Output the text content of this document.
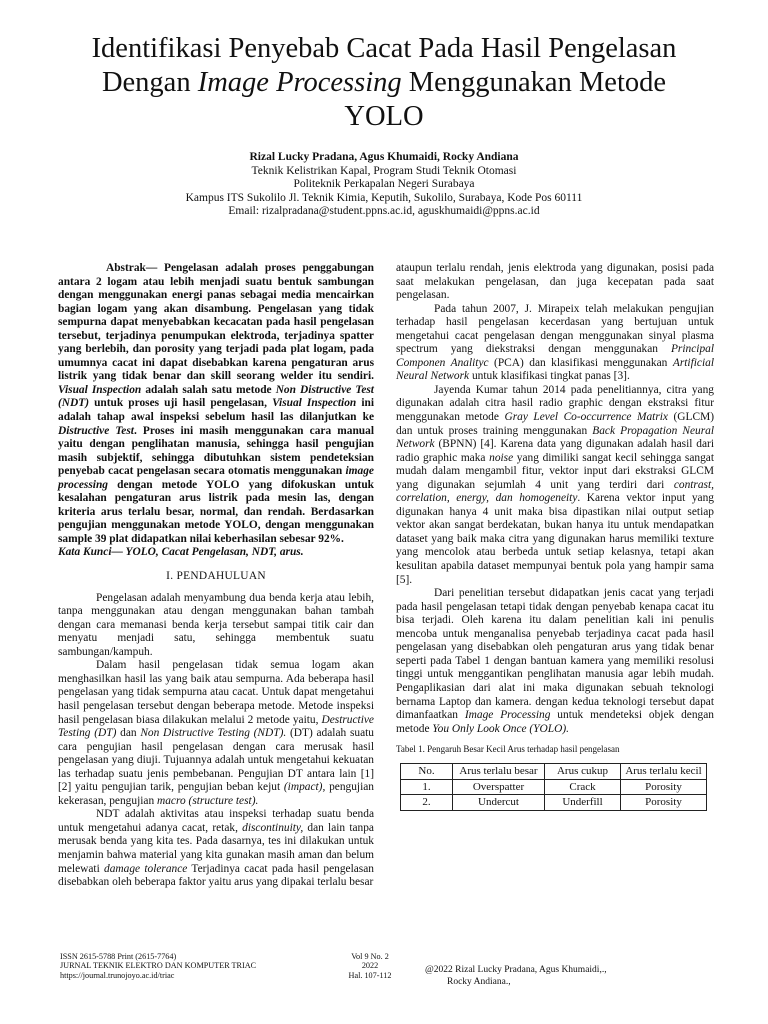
Identifikasi Penyebab Cacat Pada Hasil Pengelasan
Dengan Image Processing Menggunakan Metode
YOLO
Rizal Lucky Pradana, Agus Khumaidi, Rocky Andiana
Teknik Kelistrikan Kapal, Program Studi Teknik Otomasi
Politeknik Perkapalan Negeri Surabaya
Kampus ITS Sukolilo Jl. Teknik Kimia, Keputih, Sukolilo, Surabaya, Kode Pos 60111
Email: rizalpradana@student.ppns.ac.id, aguskhumaidi@ppns.ac.id

Abstrak— Pengelasan adalah proses penggabungan antara 2 logam atau lebih menjadi suatu bentuk sambungan dengan menggunakan energi panas sebagai media mencairkan bagian logam yang akan disambung. Pengelasan yang tidak sempurna dapat menyebabkan kecacatan pada hasil pengelasan tersebut, terjadinya penumpukan elektroda, terjadinya spatter yang berlebih, dan porosity yang terjadi pada plat logam, pada umumnya cacat ini dapat disebabkan karena pengaturan arus listrik yang tidak benar dan skill seorang welder itu sendiri. Visual Inspection adalah salah satu metode Non Distructive Test (NDT) untuk proses uji hasil pengelasan, Visual Inspection ini adalah tahap awal inspeksi sebelum hasil las dilanjutkan ke Distructive Test. Proses ini masih menggunakan cara manual yaitu dengan penglihatan manusia, sehingga hasil pengujian masih subjektif, sehingga dibutuhkan sistem pendeteksian penyebab cacat pengelasan secara otomatis menggunakan image processing dengan metode YOLO yang difokuskan untuk kesalahan pengaturan arus listrik pada mesin las, dengan kriteria arus terlalu besar, normal, dan rendah. Berdasarkan pengujian menggunakan metode YOLO, dengan menggunakan sample 39 plat didapatkan nilai keberhasilan sebesar 92%.

Kata Kunci— YOLO, Cacat Pengelasan, NDT, arus.

I. PENDAHULUAN

Pengelasan adalah menyambung dua benda kerja atau lebih, tanpa menggunakan atau dengan menggunakan bahan tambah dengan cara memanasi benda kerja tersebut sampai titik cair dan menyatu menjadi satu, sehingga membentuk suatu sambungan/kampuh.

Dalam hasil pengelasan tidak semua logam akan menghasilkan hasil las yang baik atau sempurna. Ada beberapa hasil pengelasan yang tidak sempurna atau cacat. Untuk dapat mengetahui hasil pengelasan tersebut dengan beberapa metode. Metode inspeksi hasil pengelasan biasa dilakukan melalui 2 metode yaitu, Destructive Testing (DT) dan Non Distructive Testing (NDT). (DT) adalah suatu cara pengujian hasil pengelasan dengan cara merusak hasil pengelasan yang diuji. Tujuannya adalah untuk mengetahui kekuatan las terhadap suatu jenis pembebanan. Pengujian DT antara lain [1] [2] yaitu pengujian tarik, pengujian beban kejut (impact), pengujian kekerasan, pengujian macro (structure test).

NDT adalah aktivitas atau inspeksi terhadap suatu benda untuk mengetahui adanya cacat, retak, discontinuity, dan lain tanpa merusak benda yang kita tes. Pada dasarnya, tes ini dilakukan untuk menjamin bahwa material yang kita gunakan masih aman dan belum melewati damage tolerance Terjadinya cacat pada hasil pengelasan disebabkan oleh beberapa faktor yaitu arus yang dipakai terlalu besar

ataupun terlalu rendah, jenis elektroda yang digunakan, posisi pada saat melakukan pengelasan, dan juga kecepatan pada saat pengelasan.

Pada tahun 2007, J. Mirapeix telah melakukan pengujian terhadap hasil pengelasan kecerdasan yang bertujuan untuk mengetahui cacat pengelasan dengan menggunakan sinyal plasma spectrum yang diekstraksi dengan menggunakan Principal Componen Analityc (PCA) dan klasifikasi menggunakan Artificial Neural Network untuk klasifikasi tingkat panas [3].

Jayenda Kumar tahun 2014 pada penelitiannya, citra yang digunakan adalah citra hasil radio graphic dengan ekstraksi fitur menggunakan metode Gray Level Co-occurrence Matrix (GLCM) dan untuk proses training menggunakan Back Propagation Neural Network (BPNN) [4]. Karena data yang digunakan adalah hasil dari radio graphic maka noise yang dimiliki sangat kecil sehingga sangat mudah dalam mengambil fitur, vektor input dari ekstraksi GLCM yang digunakan sejumlah 4 unit yang terdiri dari contrast, correlation, energy, dan homogeneity. Karena vektor input yang digunakan hanya 4 unit maka bisa dipastikan nilai output setiap vektor akan sangat berdekatan, bukan hanya itu untuk mendapatkan dataset yang baik maka citra yang digunakan harus memiliki texture yang mencolok atau berbeda untuk setiap kelasnya, tetapi akan kesulitan apabila dataset mempunyai bentuk pola yang hampir sama [5].

Dari penelitian tersebut didapatkan jenis cacat yang terjadi pada hasil pengelasan tetapi tidak dengan penyebab kenapa cacat itu bisa terjadi. Oleh karena itu dalam penelitian kali ini penulis mencoba untuk menganalisa penyebab terjadinya cacat pada hasil pengelasan yang disebabkan oleh pengaturan arus yang tidak benar seperti pada Tabel 1 dengan bantuan kamera yang memiliki resolusi tinggi untuk menggantikan penglihatan manusia agar lebih mudah. Pengaplikasian dari alat ini maka digunakan sebuah teknologi bernama Laptop dan kamera. dengan kedua teknologi tersebut dapat dimanfaatkan Image Processing untuk mendeteksi objek dengan metode You Only Look Once (YOLO).

Tabel 1. Pengaruh Besar Kecil Arus terhadap hasil pengelasan
No.	Arus terlalu besar	Arus cukup	Arus terlalu kecil
1.	Overspatter	Crack	Porosity
2.	Undercut	Underfill	Porosity
ISSN 2615-5788 Print (2615-7764)
JURNAL TEKNIK ELEKTRO DAN KOMPUTER TRIAC
https://journal.trunojoyo.ac.id/triac
Vol 9 No. 2
2022
Hal. 107-112
@2022 Rizal Lucky Pradana, Agus Khumaidi,.,
Rocky Andiana.,
